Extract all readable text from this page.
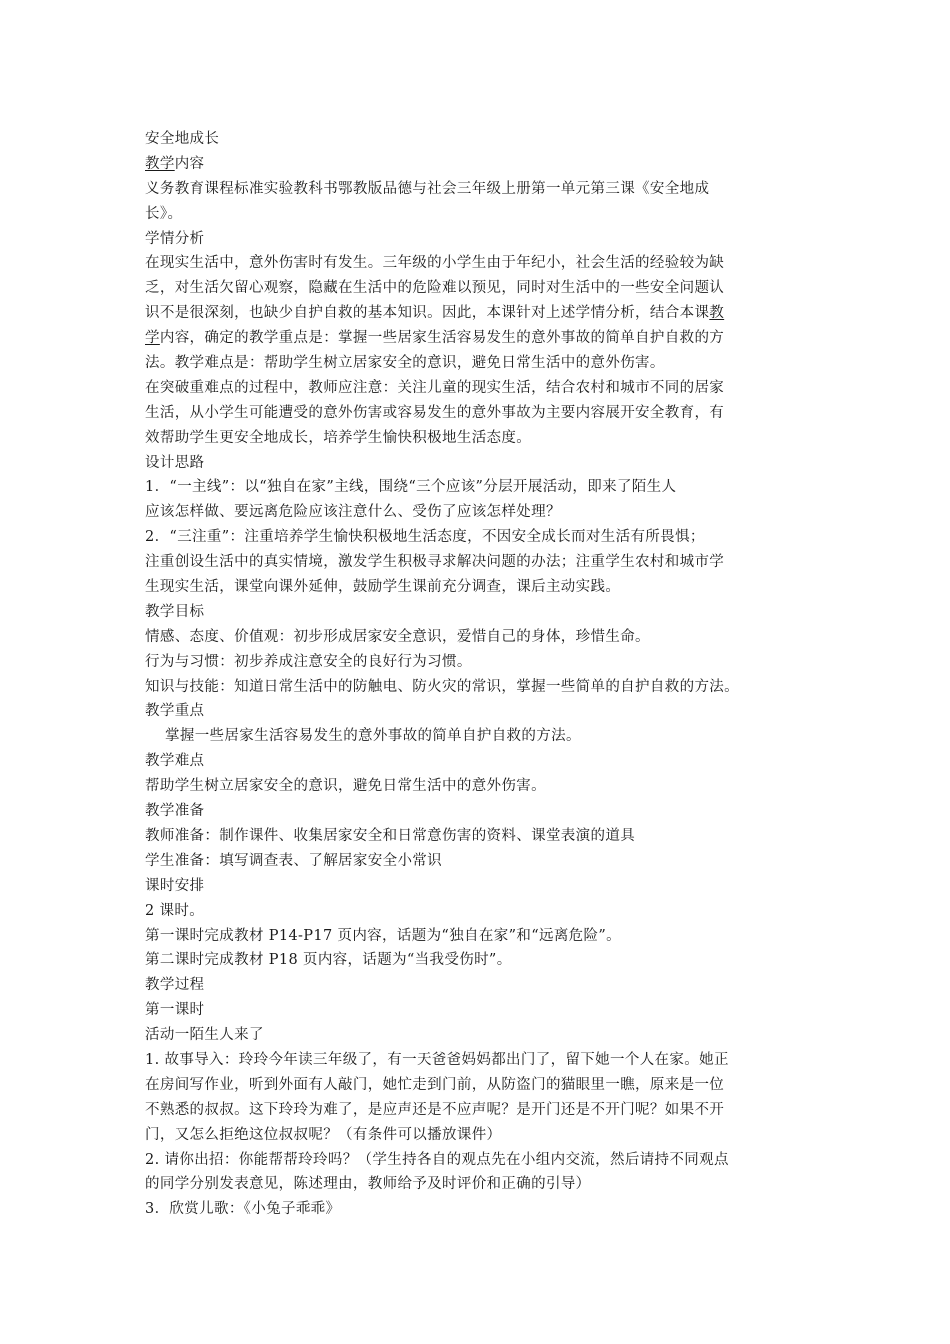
安全地成长
教学内容
义务教育课程标准实验教科书鄂教版品德与社会三年级上册第一单元第三课《安全地成
长》。
学情分析
在现实生活中，意外伤害时有发生。三年级的小学生由于年纪小，社会生活的经验较为缺
乏，对生活欠留心观察，隐藏在生活中的危险难以预见，同时对生活中的一些安全问题认
识不是很深刻，也缺少自护自救的基本知识。因此，本课针对上述学情分析，结合本课教
学内容，确定的教学重点是：掌握一些居家生活容易发生的意外事故的简单自护自救的方
法。教学难点是：帮助学生树立居家安全的意识，避免日常生活中的意外伤害。
在突破重难点的过程中，教师应注意：关注儿童的现实生活，结合农村和城市不同的居家
生活，从小学生可能遭受的意外伤害或容易发生的意外事故为主要内容展开安全教育，有
效帮助学生更安全地成长，培养学生愉快积极地生活态度。
设计思路
1．“一主线”：以“独自在家”主线，围绕“三个应该”分层开展活动，即来了陌生人
应该怎样做、要远离危险应该注意什么、受伤了应该怎样处理？
2．“三注重”：注重培养学生愉快积极地生活态度，不因安全成长而对生活有所畏惧；
注重创设生活中的真实情境，激发学生积极寻求解决问题的办法；注重学生农村和城市学
生现实生活，课堂向课外延伸，鼓励学生课前充分调查，课后主动实践。
教学目标
情感、态度、价值观：初步形成居家安全意识，爱惜自己的身体，珍惜生命。
行为与习惯：初步养成注意安全的良好行为习惯。
知识与技能：知道日常生活中的防触电、防火灾的常识，掌握一些简单的自护自救的方法。
教学重点
掌握一些居家生活容易发生的意外事故的简单自护自救的方法。
教学难点
帮助学生树立居家安全的意识，避免日常生活中的意外伤害。
教学准备
教师准备：制作课件、收集居家安全和日常意伤害的资料、课堂表演的道具
学生准备：填写调查表、了解居家安全小常识
课时安排
2 课时。
第一课时完成教材 P14-P17 页内容，话题为“独自在家”和“远离危险”。
第二课时完成教材 P18 页内容，话题为“当我受伤时”。
教学过程
第一课时
活动一陌生人来了
1. 故事导入：玲玲今年读三年级了，有一天爸爸妈妈都出门了，留下她一个人在家。她正
在房间写作业，听到外面有人敲门，她忙走到门前，从防盗门的猫眼里一瞧，原来是一位
不熟悉的叔叔。这下玲玲为难了，是应声还是不应声呢？是开门还是不开门呢？如果不开
门，又怎么拒绝这位叔叔呢？（有条件可以播放课件）
2. 请你出招：你能帮帮玲玲吗？（学生持各自的观点先在小组内交流，然后请持不同观点
的同学分别发表意见，陈述理由，教师给予及时评价和正确的引导）
3．欣赏儿歌：《小兔子乖乖》
